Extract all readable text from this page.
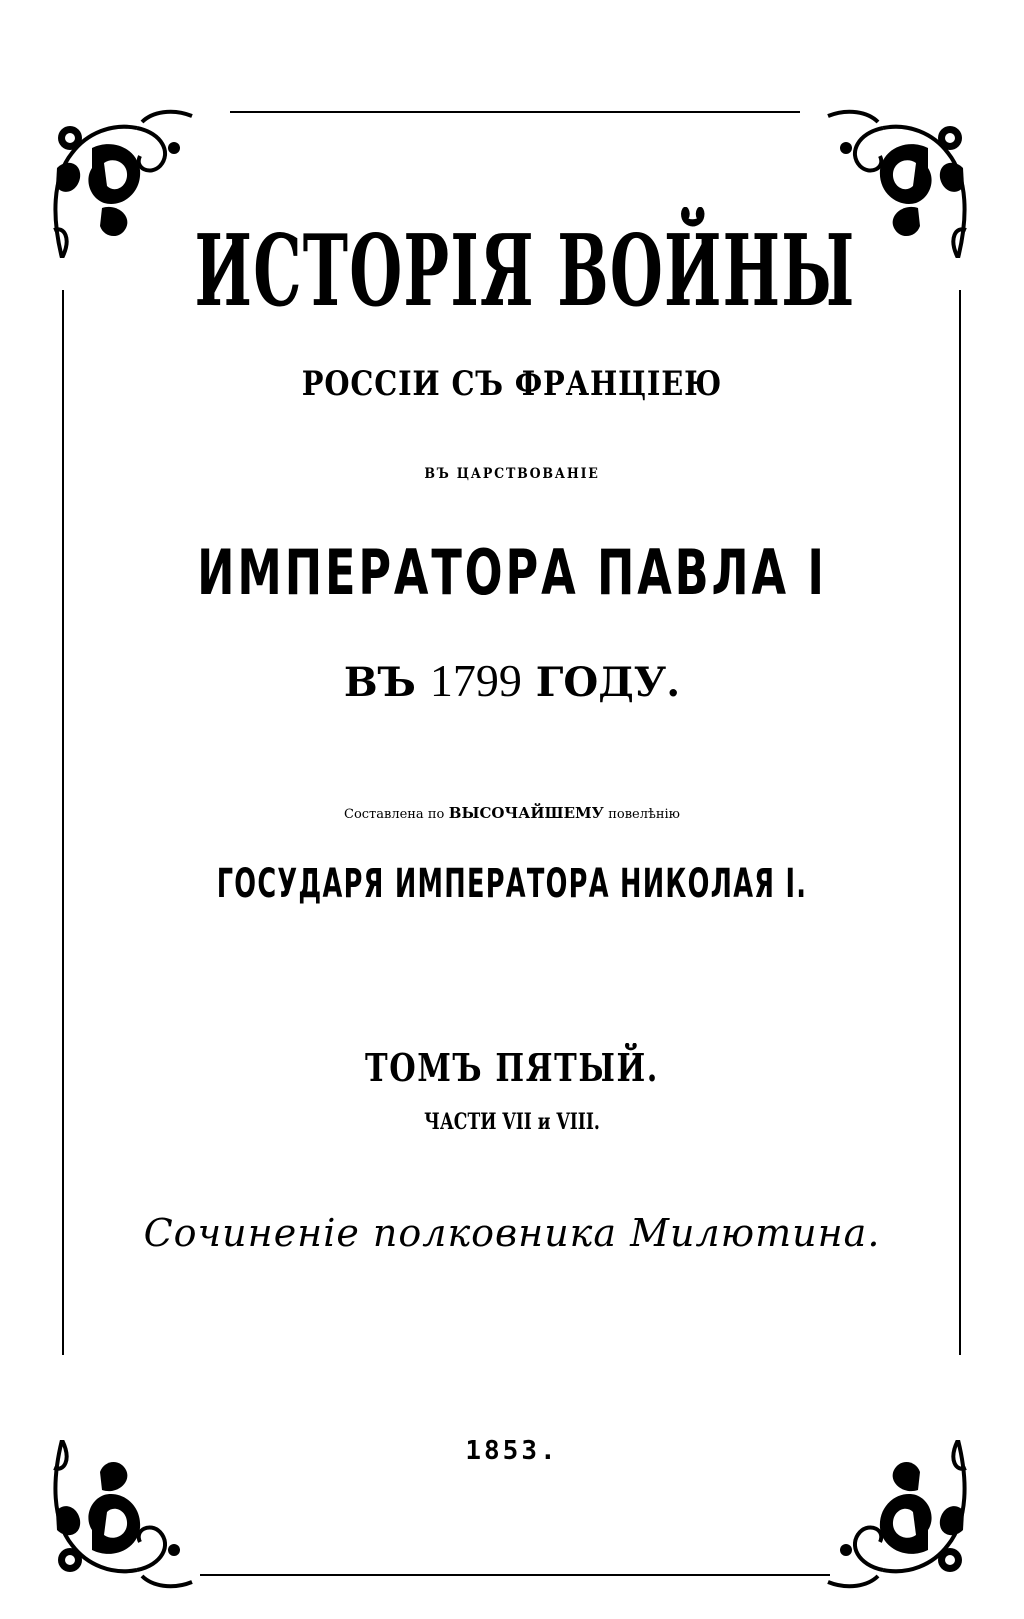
ИСТОРІЯ ВОЙНЫ
РОССІИ СЪ ФРАНЦІЕЮ
ВЪ ЦАРСТВОВАНІЕ
ИМПЕРАТОРА ПАВЛА I
ВЪ 1799 ГОДУ.
Составлена по ВЫСОЧАЙШЕМУ повелѣнію
ГОСУДАРЯ ИМПЕРАТОРА НИКОЛАЯ I.
ТОМЪ ПЯТЫЙ.
ЧАСТИ VII и VIII.
Сочиненіе полковника Милютина.
1853.
